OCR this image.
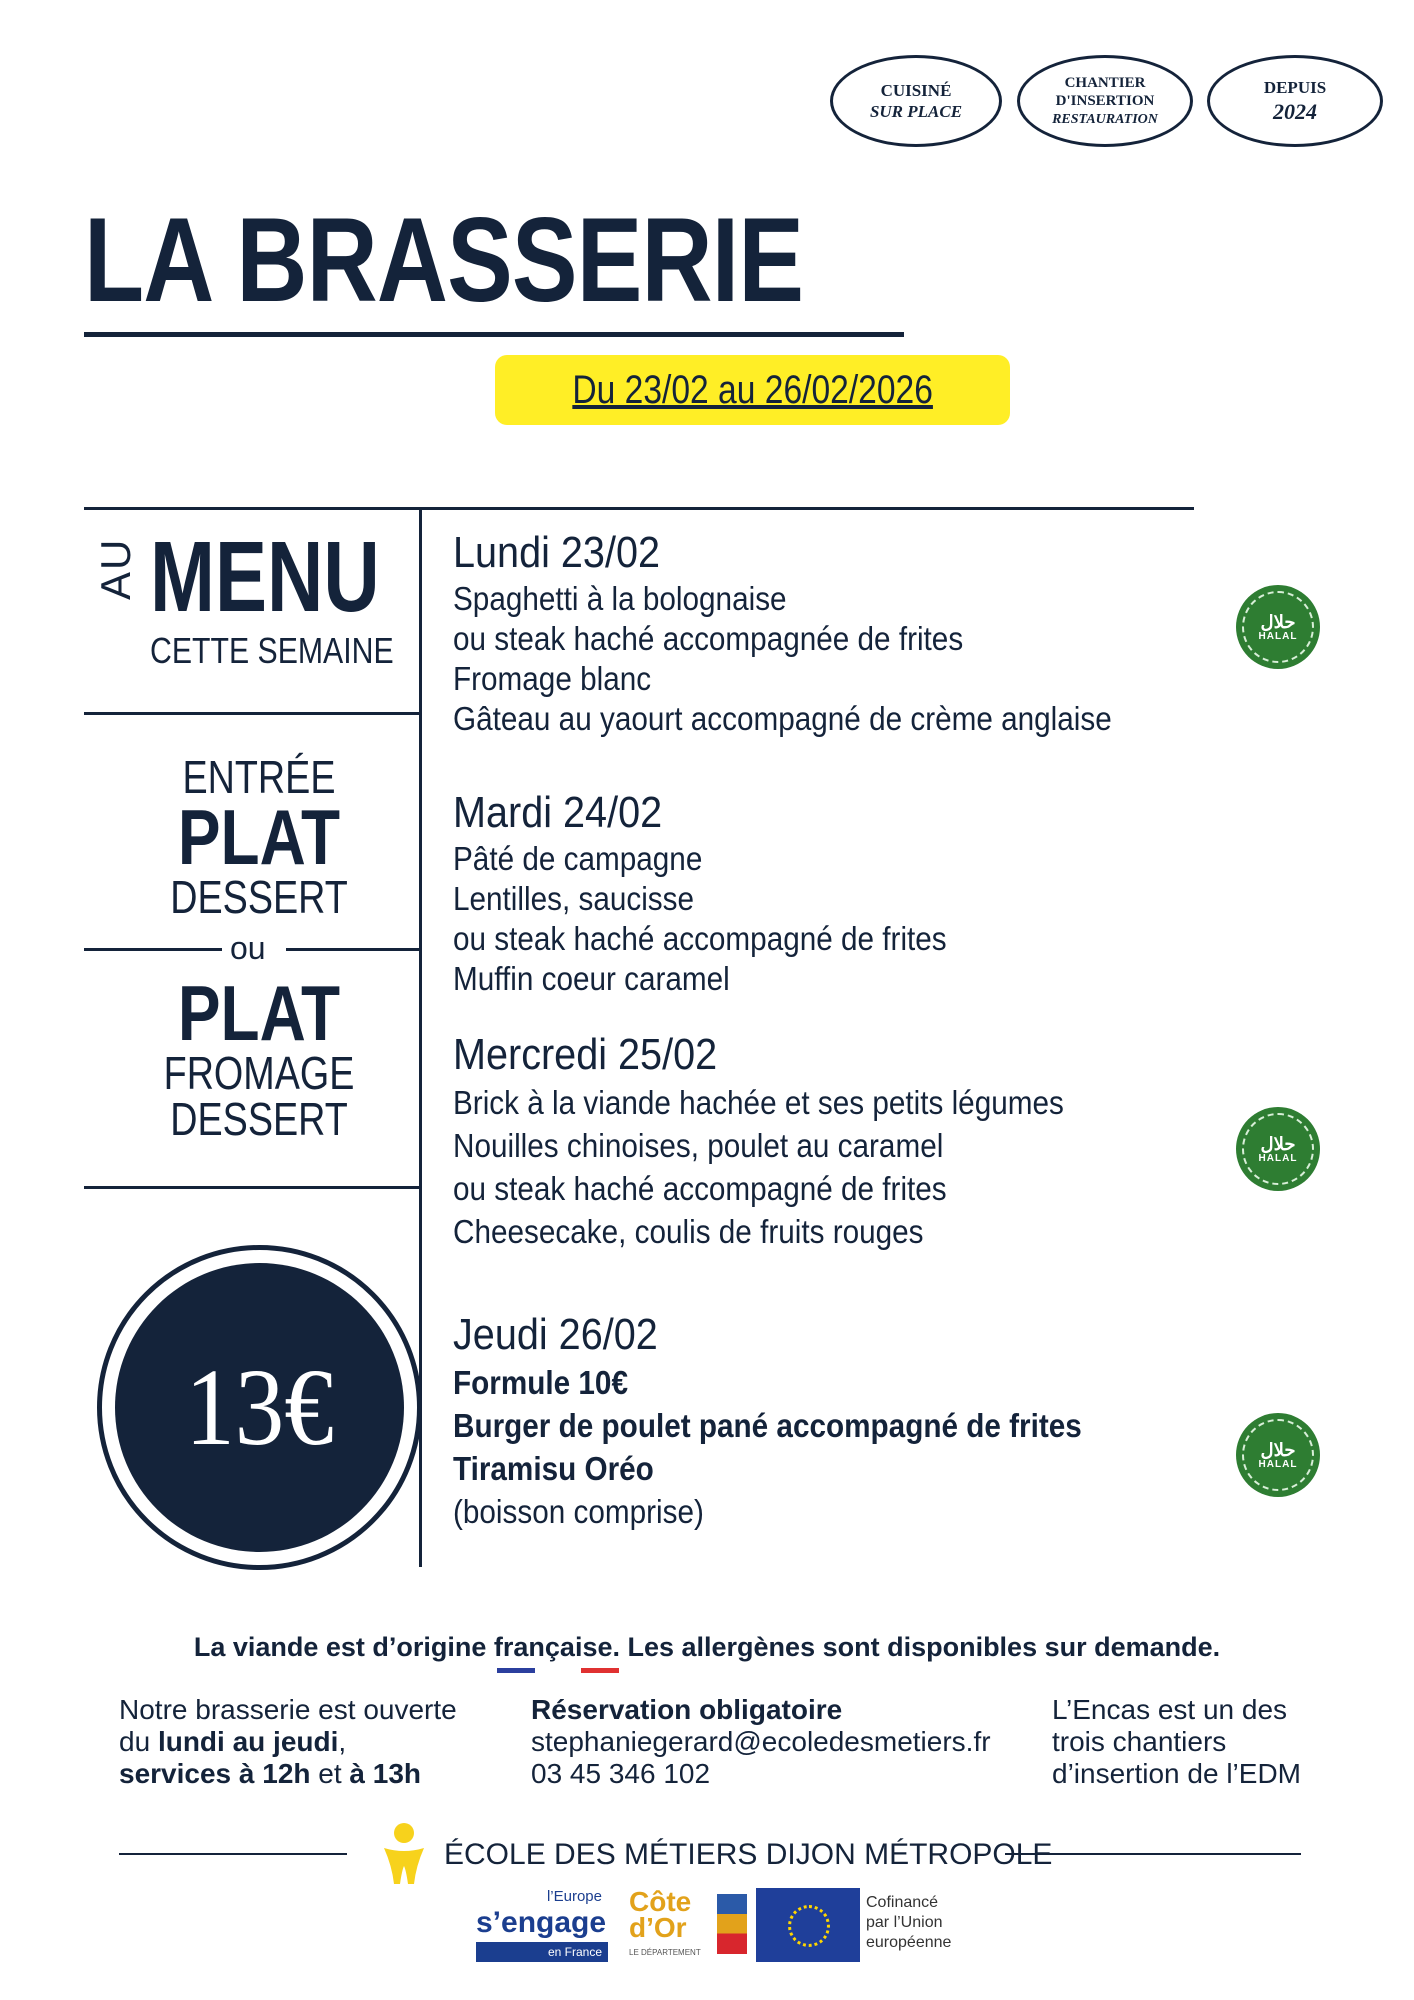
CUISINÉ
SUR PLACE
CHANTIER
D'INSERTION
RESTAURATION
DEPUIS
2024
LA BRASSERIE
Du 23/02 au 26/02/2026
AU MENU
CETTE SEMAINE
ENTRÉE
PLAT
DESSERT
ou
PLAT
FROMAGE
DESSERT
13€
Lundi 23/02
Spaghetti à la bolognaise
ou steak haché accompagnée de frites
Fromage blanc
Gâteau au yaourt accompagné de crème anglaise
Mardi 24/02
Pâté de campagne
Lentilles, saucisse
ou steak haché accompagné de frites
Muffin coeur caramel
Mercredi 25/02
Brick à la viande hachée et ses petits légumes
Nouilles chinoises, poulet au caramel
ou steak haché accompagné de frites
Cheesecake, coulis de fruits rouges
Jeudi 26/02
Formule 10€
Burger de poulet pané accompagné de frites
Tiramisu Oréo
(boisson comprise)
حلال
HALAL
حلال
HALAL
حلال
HALAL
La viande est d’origine française. Les allergènes sont disponibles sur demande.
Notre brasserie est ouverte
du lundi au jeudi,
services à 12h et à 13h
Réservation obligatoire
stephaniegerard@ecoledesmetiers.fr
03 45 346 102
L’Encas est un des
trois chantiers
d’insertion de l’EDM
ÉCOLE DES MÉTIERS DIJON MÉTROPOLE
l’Europe
s’engage
en France
Côte
d’Or
LE DÉPARTEMENT
Cofinancé
par l’Union
européenne
